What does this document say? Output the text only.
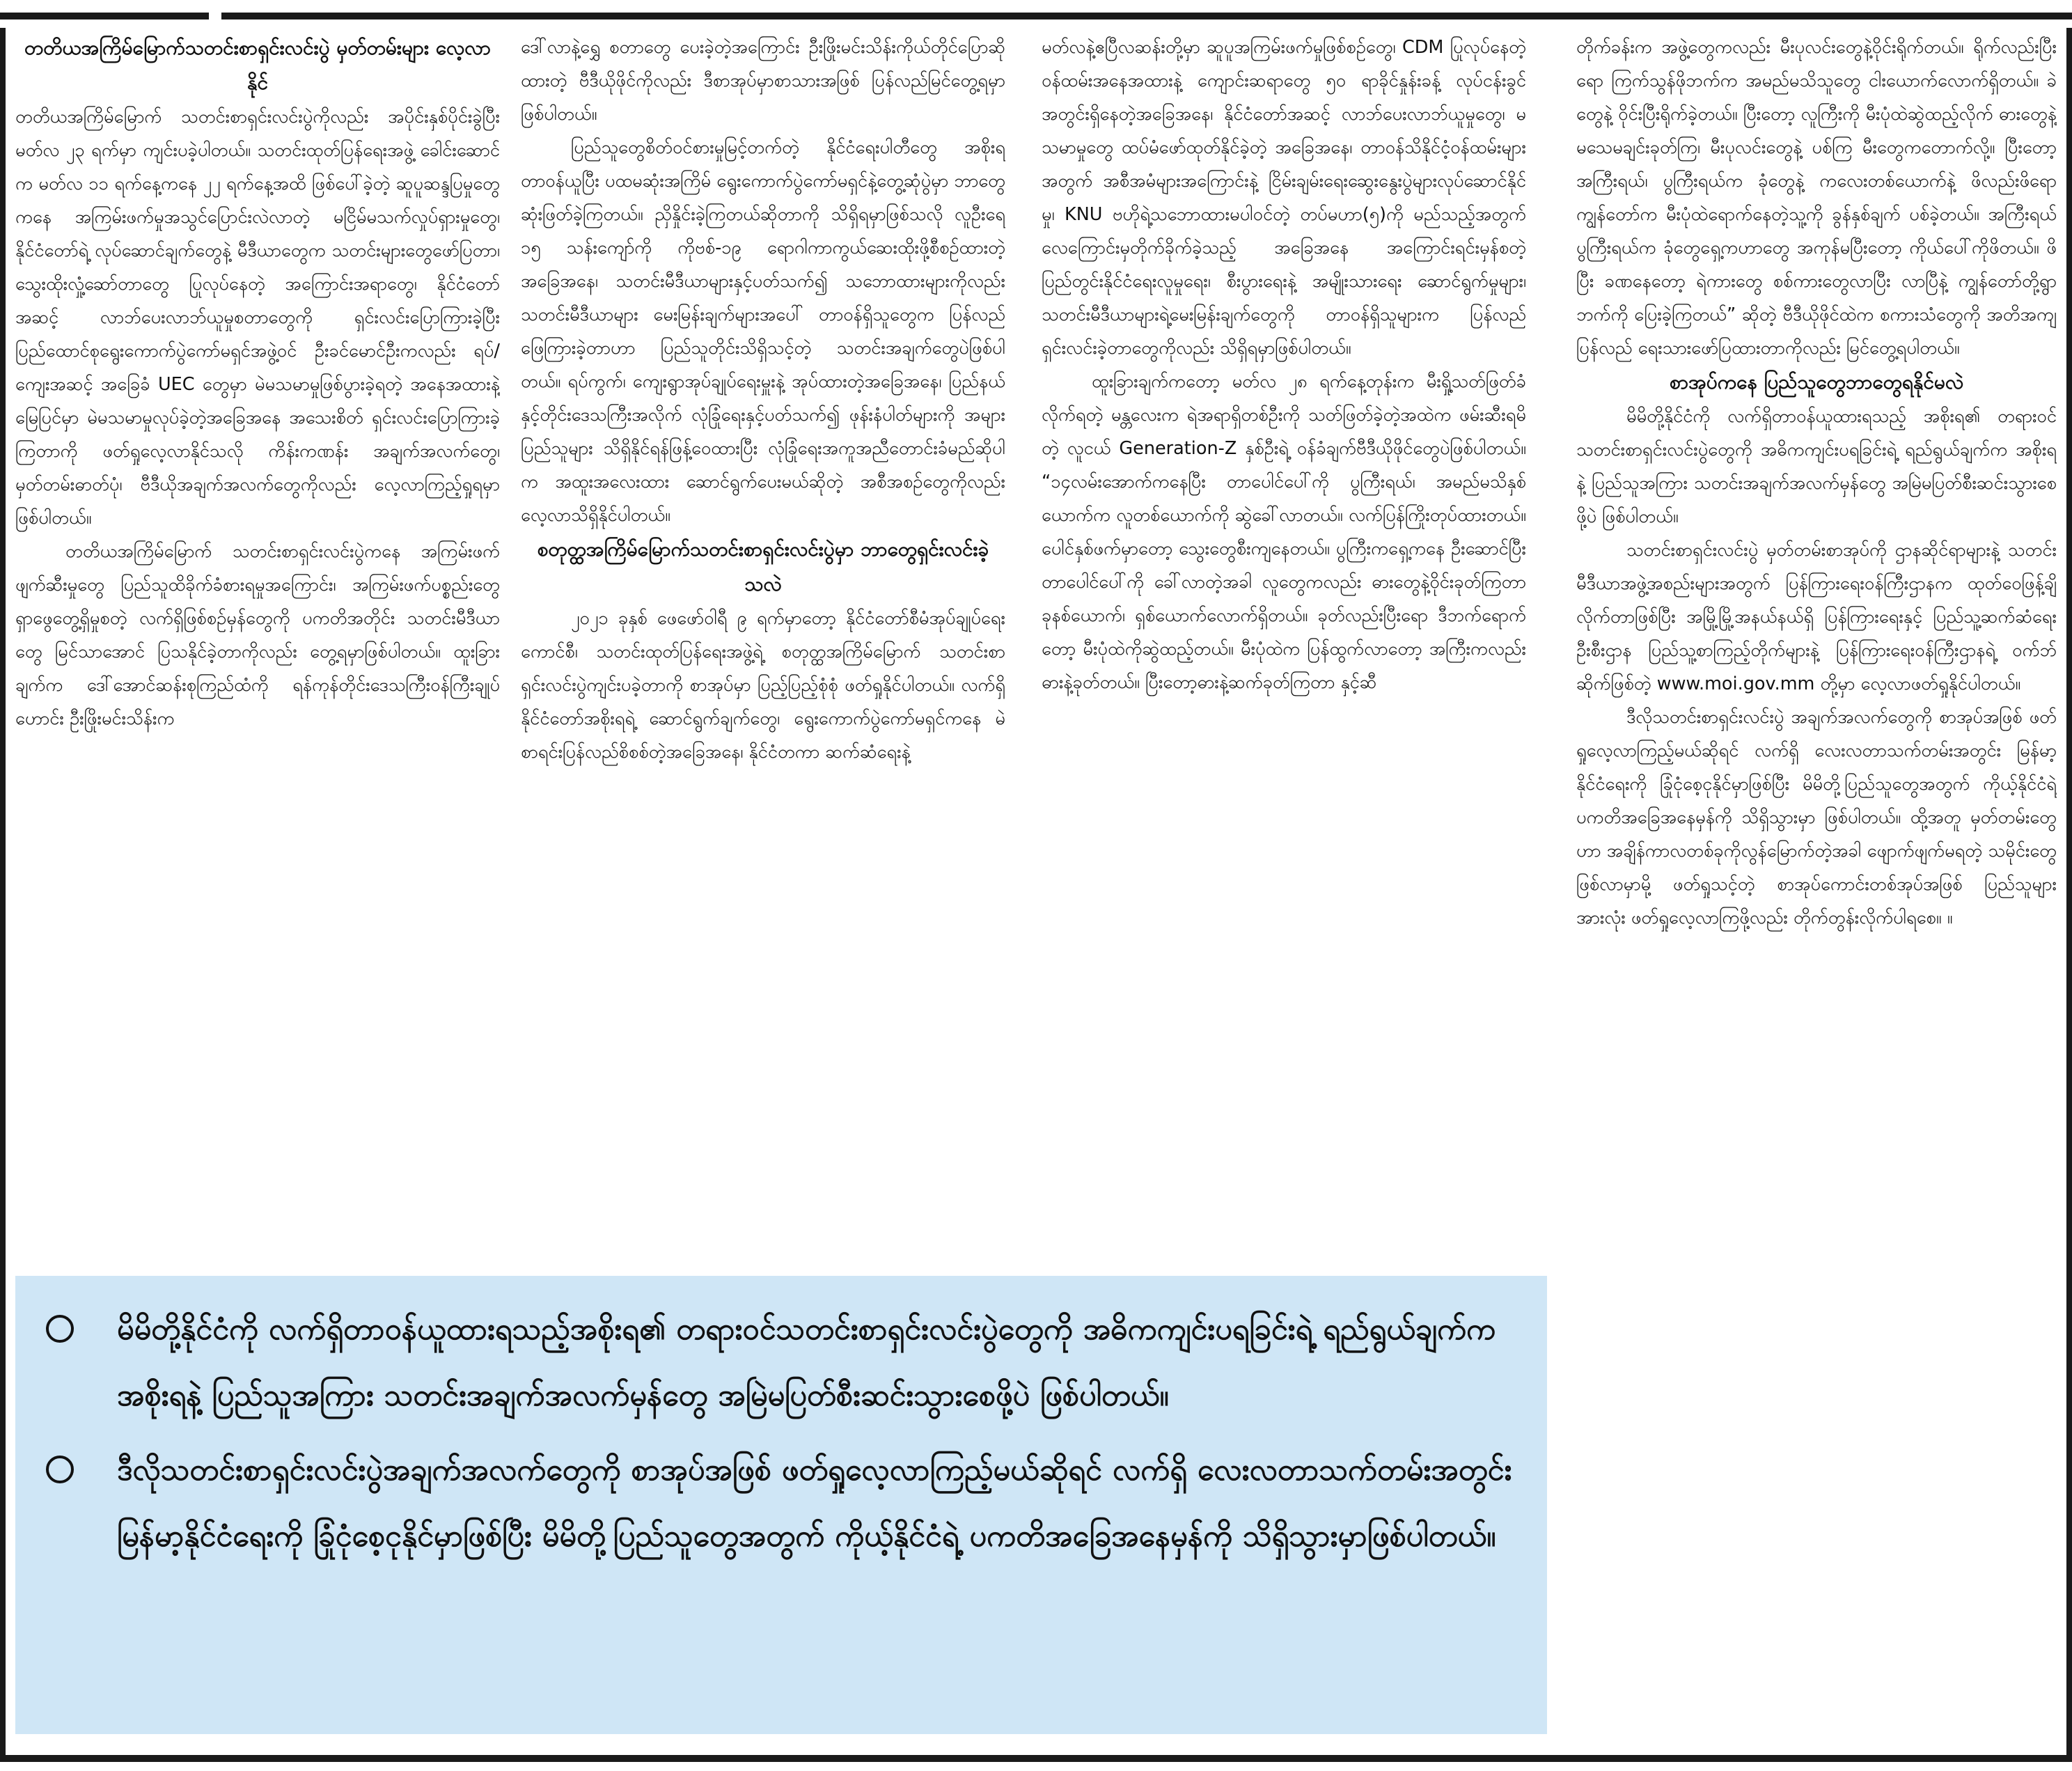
တတိယအကြိမ်မြောက်သတင်းစာရှင်းလင်းပွဲ မှတ်တမ်းများ လေ့လာနိုင်

တတိယအကြိမ်မြောက် သတင်းစာရှင်းလင်းပွဲကိုလည်း အပိုင်းနှစ်ပိုင်းခွဲပြီး မတ်လ ၂၃ ရက်မှာ ကျင်းပခဲ့ပါတယ်။ သတင်းထုတ်ပြန်ရေးအဖွဲ့ ခေါင်းဆောင်က မတ်လ ၁၁ ရက်နေ့ကနေ ၂၂ ရက်နေ့အထိ ဖြစ်ပေါ်ခဲ့တဲ့ ဆူပူဆန္ဒပြမှုတွေကနေ အကြမ်းဖက်မှုအသွင်ပြောင်းလဲလာတဲ့ မငြိမ်မသက်လှုပ်ရှားမှုတွေ၊ နိုင်ငံတော်ရဲ့ လုပ်ဆောင်ချက်တွေနဲ့ မီဒီယာတွေက သတင်းများတွေဖော်ပြတာ၊ သွေးထိုးလှုံ့ဆော်တာတွေ ပြုလုပ်နေတဲ့ အကြောင်းအရာတွေ၊ နိုင်ငံတော်အဆင့် လာဘ်ပေးလာဘ်ယူမှုစတာတွေကို ရှင်းလင်းပြောကြားခဲ့ပြီး ပြည်ထောင်စုရွေးကောက်ပွဲကော်မရှင်အဖွဲ့ဝင် ဦးခင်မောင်ဦးကလည်း ရပ်/ကျေးအဆင့် အခြေခံ UEC တွေမှာ မဲမသမာမှုဖြစ်ပွားခဲ့ရတဲ့ အနေအထားနဲ့ မြေပြင်မှာ မဲမသမာမှုလုပ်ခဲ့တဲ့အခြေအနေ အသေးစိတ် ရှင်းလင်းပြောကြားခဲ့ကြတာကို ဖတ်ရှုလေ့လာနိုင်သလို ကိန်းကဏန်း အချက်အလက်တွေ၊ မှတ်တမ်းဓာတ်ပုံ၊ ဗီဒီယိုအချက်အလက်တွေကိုလည်း လေ့လာကြည့်ရှုရမှာ ဖြစ်ပါတယ်။

တတိယအကြိမ်မြောက် သတင်းစာရှင်းလင်းပွဲကနေ အကြမ်းဖက်ဖျက်ဆီးမှုတွေ ပြည်သူထိခိုက်ခံစားရမှုအကြောင်း၊ အကြမ်းဖက်ပစ္စည်းတွေ ရှာဖွေတွေ့ရှိမှုစတဲ့ လက်ရှိဖြစ်စဉ်မှန်တွေကို ပကတိအတိုင်း သတင်းမီဒီယာတွေ မြင်သာအောင် ပြသနိုင်ခဲ့တာကိုလည်း တွေ့ရမှာဖြစ်ပါတယ်။ ထူးခြားချက်က ဒေါ်အောင်ဆန်းစုကြည်ထံကို ရန်ကုန်တိုင်းဒေသကြီးဝန်ကြီးချုပ်ဟောင်း ဦးဖြိုးမင်းသိန်းက

ဒေါ်လာနဲ့ရွှေ စတာတွေ ပေးခဲ့တဲ့အကြောင်း ဦးဖြိုးမင်းသိန်းကိုယ်တိုင်ပြောဆိုထားတဲ့ ဗီဒီယိုဖိုင်ကိုလည်း ဒီစာအုပ်မှာစာသားအဖြစ် ပြန်လည်မြင်တွေ့ရမှာ ဖြစ်ပါတယ်။

ပြည်သူတွေစိတ်ဝင်စားမှုမြင့်တက်တဲ့ နိုင်ငံရေးပါတီတွေ အစိုးရတာဝန်ယူပြီး ပထမဆုံးအကြိမ် ရွေးကောက်ပွဲကော်မရှင်နဲ့တွေ့ဆုံပွဲမှာ ဘာတွေဆုံးဖြတ်ခဲ့ကြတယ်။ ညှိနှိုင်းခဲ့ကြတယ်ဆိုတာကို သိရှိရမှာဖြစ်သလို လူဦးရေ ၁၅ သန်းကျော်ကို ကိုဗစ်-၁၉ ရောဂါကာကွယ်ဆေးထိုးဖို့စီစဉ်ထားတဲ့ အခြေအနေ၊ သတင်းမီဒီယာများနှင့်ပတ်သက်၍ သဘောထားများကိုလည်း သတင်းမီဒီယာများ မေးမြန်းချက်များအပေါ် တာဝန်ရှိသူတွေက ပြန်လည်ဖြေကြားခဲ့တာဟာ ပြည်သူတိုင်းသိရှိသင့်တဲ့ သတင်းအချက်တွေပဲဖြစ်ပါတယ်။ ရပ်ကွက်၊ ကျေးရွာအုပ်ချုပ်ရေးမှူးနဲ့ အုပ်ထားတဲ့အခြေအနေ၊ ပြည်နယ်နှင့်တိုင်းဒေသကြီးအလိုက် လုံခြုံရေးနှင့်ပတ်သက်၍ ဖုန်းနံပါတ်များကို အများပြည်သူများ သိရှိနိုင်ရန်ဖြန့်ဝေထားပြီး လုံခြုံရေးအကူအညီတောင်းခံမည်ဆိုပါက အထူးအလေးထား ဆောင်ရွက်ပေးမယ်ဆိုတဲ့ အစီအစဉ်တွေကိုလည်း လေ့လာသိရှိနိုင်ပါတယ်။

စတုတ္ထအကြိမ်မြောက်သတင်းစာရှင်းလင်းပွဲမှာ ဘာတွေရှင်းလင်းခဲ့သလဲ

၂၀၂၁ ခုနှစ် ဖေဖော်ဝါရီ ၉ ရက်မှာတော့ နိုင်ငံတော်စီမံအုပ်ချုပ်ရေးကောင်စီ၊ သတင်းထုတ်ပြန်ရေးအဖွဲ့ရဲ့ စတုတ္ထအကြိမ်မြောက် သတင်းစာရှင်းလင်းပွဲကျင်းပခဲ့တာကို စာအုပ်မှာ ပြည့်ပြည့်စုံစုံ ဖတ်ရှုနိုင်ပါတယ်။ လက်ရှိနိုင်ငံတော်အစိုးရရဲ့ ဆောင်ရွက်ချက်တွေ၊ ရွေးကောက်ပွဲကော်မရှင်ကနေ မဲစာရင်းပြန်လည်စိစစ်တဲ့အခြေအနေ၊ နိုင်ငံတကာ ဆက်ဆံရေးနဲ့

မတ်လနဲ့ဧပြီလဆန်းတို့မှာ ဆူပူအကြမ်းဖက်မှုဖြစ်စဉ်တွေ၊ CDM ပြုလုပ်နေတဲ့ ဝန်ထမ်းအနေအထားနဲ့ ကျောင်းဆရာတွေ ၅၀ ရာခိုင်နှုန်းခန့် လုပ်ငန်းခွင်အတွင်းရှိနေတဲ့အခြေအနေ၊ နိုင်ငံတော်အဆင့် လာဘ်ပေးလာဘ်ယူမှုတွေ၊ မသမာမှုတွေ ထပ်မံဖော်ထုတ်နိုင်ခဲ့တဲ့ အခြေအနေ၊ တာဝန်သိနိုင်ငံ့ဝန်ထမ်းများအတွက် အစီအမံများအကြောင်းနဲ့ ငြိမ်းချမ်းရေးဆွေးနွေးပွဲများလုပ်ဆောင်နိုင်မှု၊ KNU ဗဟိုရဲ့သဘောထားမပါဝင်တဲ့ တပ်မဟာ(၅)ကို မည်သည့်အတွက် လေကြောင်းမှတိုက်ခိုက်ခဲ့သည့် အခြေအနေ အကြောင်းရင်းမှန်စတဲ့ ပြည်တွင်းနိုင်ငံရေးလူမှုရေး၊ စီးပွားရေးနဲ့ အမျိုးသားရေး ဆောင်ရွက်မှုများ၊ သတင်းမီဒီယာများရဲ့မေးမြန်းချက်တွေကို တာဝန်ရှိသူများက ပြန်လည်ရှင်းလင်းခဲ့တာတွေကိုလည်း သိရှိရမှာဖြစ်ပါတယ်။

ထူးခြားချက်ကတော့ မတ်လ ၂၈ ရက်နေ့တုန်းက မီးရှို့သတ်ဖြတ်ခံလိုက်ရတဲ့ မန္တလေးက ရဲအရာရှိတစ်ဦးကို သတ်ဖြတ်ခဲ့တဲ့အထဲက ဖမ်းဆီးရမိတဲ့ လူငယ် Generation-Z နှစ်ဦးရဲ့ ဝန်ခံချက်ဗီဒီယိုဖိုင်တွေပဲဖြစ်ပါတယ်။ “၁၄လမ်းအောက်ကနေပြီး တာပေါင်ပေါ်ကို ပွကြီးရယ်၊ အမည်မသိနှစ်ယောက်က လူတစ်ယောက်ကို ဆွဲခေါ်လာတယ်။ လက်ပြန်ကြိုးတုပ်ထားတယ်။ ပေါင်နှစ်ဖက်မှာတော့ သွေးတွေစီးကျနေတယ်။ ပွကြီးကရှေ့ကနေ ဦးဆောင်ပြီး တာပေါင်ပေါ်ကို ခေါ်လာတဲ့အခါ လူတွေကလည်း ဓားတွေနဲ့ဝိုင်းခုတ်ကြတာ ခုနစ်ယောက်၊ ရှစ်ယောက်လောက်ရှိတယ်။ ခုတ်လည်းပြီးရော ဒီဘက်ရောက်တော့ မီးပုံထဲကိုဆွဲထည့်တယ်။ မီးပုံထဲက ပြန်ထွက်လာတော့ အကြီးကလည်း ဓားနဲ့ခုတ်တယ်။ ပြီးတော့ဓားနဲ့ဆက်ခုတ်ကြတာ နှင့်ဆီ

တိုက်ခန်းက အဖွဲ့တွေကလည်း မီးပုလင်းတွေနဲ့ဝိုင်းရိုက်တယ်။ ရိုက်လည်းပြီးရော ကြက်သွန်ဖိုဘက်က အမည်မသိသူတွေ ငါးယောက်လောက်ရှိတယ်။ ခဲတွေနဲ့ ဝိုင်းပြီးရိုက်ခဲ့တယ်။ ပြီးတော့ လူကြီးကို မီးပုံထဲဆွဲထည့်လိုက် ဓားတွေနဲ့ မသေမချင်းခုတ်ကြ၊ မီးပုလင်းတွေနဲ့ ပစ်ကြ မီးတွေကတောက်လို့။ ပြီးတော့ အကြီးရယ်၊ ပွကြီးရယ်က ခုံတွေနဲ့ ကလေးတစ်ယောက်နဲ့ ဖိလည်းဖိရော ကျွန်တော်က မီးပုံထဲရောက်နေတဲ့သူ့ကို ခွန်နှစ်ချက် ပစ်ခဲ့တယ်။ အကြီးရယ် ပွကြီးရယ်က ခုံတွေရှေ့ကဟာတွေ အကုန်မပြီးတော့ ကိုယ်ပေါ်ကိုဖိတယ်။ ဖိပြီး ခဏနေတော့ ရဲကားတွေ စစ်ကားတွေလာပြီး လာပြီနဲ့ ကျွန်တော်တို့ရွာဘက်ကို ပြေးခဲ့ကြတယ်” ဆိုတဲ့ ဗီဒီယိုဖိုင်ထဲက စကားသံတွေကို အတိအကျပြန်လည် ရေးသားဖော်ပြထားတာကိုလည်း မြင်တွေ့ရပါတယ်။

စာအုပ်ကနေ ပြည်သူတွေဘာတွေရနိုင်မလဲ

မိမိတို့နိုင်ငံကို လက်ရှိတာဝန်ယူထားရသည့် အစိုးရ၏ တရားဝင် သတင်းစာရှင်းလင်းပွဲတွေကို အဓိကကျင်းပရခြင်းရဲ့ ရည်ရွယ်ချက်က အစိုးရနဲ့ ပြည်သူအကြား သတင်းအချက်အလက်မှန်တွေ အမြဲမပြတ်စီးဆင်းသွားစေဖို့ပဲ ဖြစ်ပါတယ်။

သတင်းစာရှင်းလင်းပွဲ မှတ်တမ်းစာအုပ်ကို ဌာနဆိုင်ရာများနဲ့ သတင်းမီဒီယာအဖွဲ့အစည်းများအတွက် ပြန်ကြားရေးဝန်ကြီးဌာနက ထုတ်ဝေဖြန့်ချိလိုက်တာဖြစ်ပြီး အမြို့မြို့အနယ်နယ်ရှိ ပြန်ကြားရေးနှင့် ပြည်သူ့ဆက်ဆံရေးဦးစီးဌာန ပြည်သူ့စာကြည့်တိုက်များနဲ့ ပြန်ကြားရေးဝန်ကြီးဌာနရဲ့ ဝက်ဘ်ဆိုက်ဖြစ်တဲ့ www.moi.gov.mm တို့မှာ လေ့လာဖတ်ရှုနိုင်ပါတယ်။

ဒီလိုသတင်းစာရှင်းလင်းပွဲ အချက်အလက်တွေကို စာအုပ်အဖြစ် ဖတ်ရှုလေ့လာကြည့်မယ်ဆိုရင် လက်ရှိ လေးလတာသက်တမ်းအတွင်း မြန်မာ့နိုင်ငံရေးကို ခြုံငုံစေ့ငုနိုင်မှာဖြစ်ပြီး မိမိတို့ပြည်သူတွေအတွက် ကိုယ့်နိုင်ငံရဲ့ ပကတိအခြေအနေမှန်ကို သိရှိသွားမှာ ဖြစ်ပါတယ်။ ထို့အတူ မှတ်တမ်းတွေဟာ အချိန်ကာလတစ်ခုကိုလွန်မြောက်တဲ့အခါ ဖျောက်ဖျက်မရတဲ့ သမိုင်းတွေဖြစ်လာမှာမို့ ဖတ်ရှုသင့်တဲ့ စာအုပ်ကောင်းတစ်အုပ်အဖြစ် ပြည်သူများအားလုံး ဖတ်ရှုလေ့လာကြဖို့လည်း တိုက်တွန်းလိုက်ပါရစေ။ ။

မိမိတို့နိုင်ငံကို လက်ရှိတာဝန်ယူထားရသည့်အစိုးရ၏ တရားဝင်သတင်းစာရှင်းလင်းပွဲတွေကို အဓိကကျင်းပရခြင်းရဲ့ ရည်ရွယ်ချက်က အစိုးရနဲ့ ပြည်သူအကြား သတင်းအချက်အလက်မှန်တွေ အမြဲမပြတ်စီးဆင်းသွားစေဖို့ပဲ ဖြစ်ပါတယ်။
ဒီလိုသတင်းစာရှင်းလင်းပွဲအချက်အလက်တွေကို စာအုပ်အဖြစ် ဖတ်ရှုလေ့လာကြည့်မယ်ဆိုရင် လက်ရှိ လေးလတာသက်တမ်းအတွင်း မြန်မာ့နိုင်ငံရေးကို ခြုံငုံစေ့ငုနိုင်မှာဖြစ်ပြီး မိမိတို့ပြည်သူတွေအတွက် ကိုယ့်နိုင်ငံရဲ့ ပကတိအခြေအနေမှန်ကို သိရှိသွားမှာဖြစ်ပါတယ်။
